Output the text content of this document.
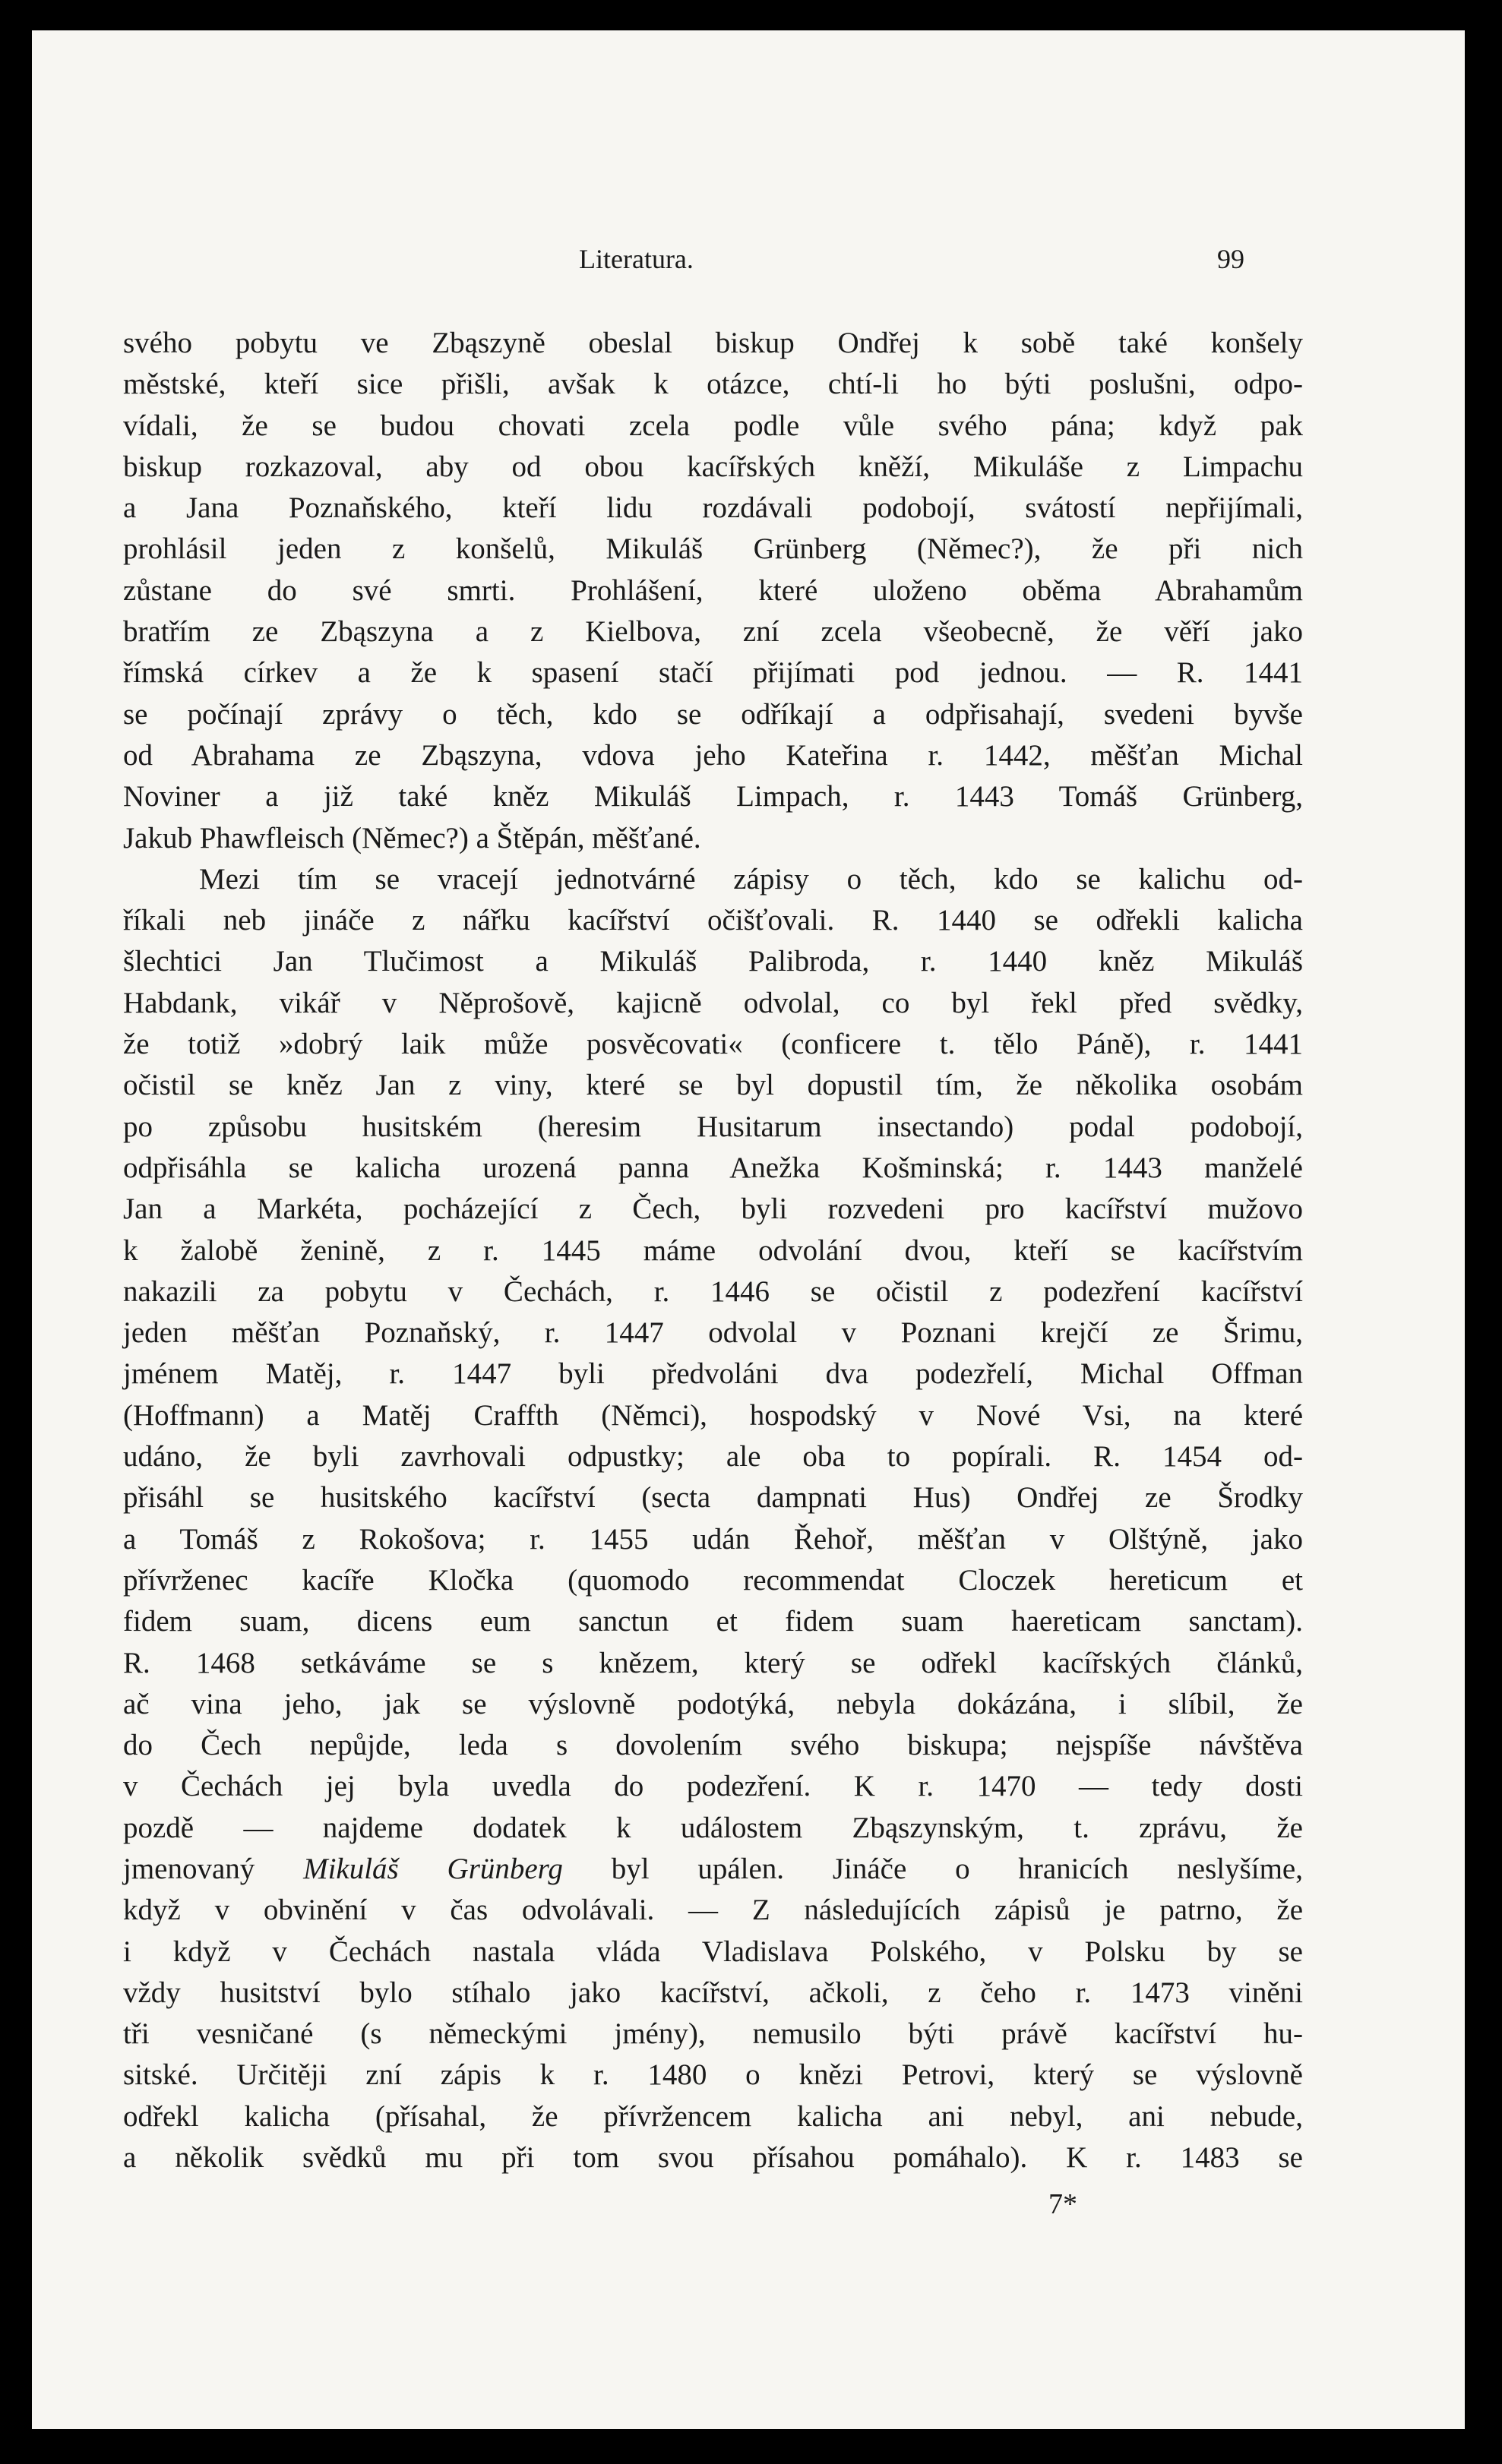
Literatura.	99
svého pobytu ve Zbąszyně obeslal biskup Ondřej k sobě také konšely
městské, kteří sice přišli, avšak k otázce, chtí-li ho býti poslušni, odpo-
vídali, že se budou chovati zcela podle vůle svého pána; když pak
biskup rozkazoval, aby od obou kacířských kněží, Mikuláše z Limpachu
a Jana Poznaňského, kteří lidu rozdávali podobojí, svátostí nepřijímali,
prohlásil jeden z konšelů, Mikuláš Grünberg (Němec?), že při nich
zůstane do své smrti. Prohlášení, které uloženo oběma Abrahamům
bratřím ze Zbąszyna a z Kielbova, zní zcela všeobecně, že věří jako
římská církev a že k spasení stačí přijímati pod jednou. — R. 1441
se počínají zprávy o těch, kdo se odříkají a odpřisahají, svedeni byvše
od Abrahama ze Zbąszyna, vdova jeho Kateřina r. 1442, měšťan Michal
Noviner a již také kněz Mikuláš Limpach, r. 1443 Tomáš Grünberg,
Jakub Phawfleisch (Němec?) a Štěpán, měšťané.
Mezi tím se vracejí jednotvárné zápisy o těch, kdo se kalichu od-
říkali neb jináče z nářku kacířství očišťovali. R. 1440 se odřekli kalicha
šlechtici Jan Tlučimost a Mikuláš Palibroda, r. 1440 kněz Mikuláš
Habdank, vikář v Něprošově, kajicně odvolal, co byl řekl před svědky,
že totiž »dobrý laik může posvěcovati« (conficere t. tělo Páně), r. 1441
očistil se kněz Jan z viny, které se byl dopustil tím, že několika osobám
po způsobu husitském (heresim Husitarum insectando) podal podobojí,
odpřisáhla se kalicha urozená panna Anežka Košminská; r. 1443 manželé
Jan a Markéta, pocházející z Čech, byli rozvedeni pro kacířství mužovo
k žalobě ženině, z r. 1445 máme odvolání dvou, kteří se kacířstvím
nakazili za pobytu v Čechách, r. 1446 se očistil z podezření kacířství
jeden měšťan Poznaňský, r. 1447 odvolal v Poznani krejčí ze Šrimu,
jménem Matěj, r. 1447 byli předvoláni dva podezřelí, Michal Offman
(Hoffmann) a Matěj Craffth (Němci), hospodský v Nové Vsi, na které
udáno, že byli zavrhovali odpustky; ale oba to popírali. R. 1454 od-
přisáhl se husitského kacířství (secta dampnati Hus) Ondřej ze Šrodky
a Tomáš z Rokošova; r. 1455 udán Řehoř, měšťan v Olštýně, jako
přívrženec kacíře Kločka (quomodo recommendat Cloczek hereticum et
fidem suam, dicens eum sanctun et fidem suam haereticam sanctam).
R. 1468 setkáváme se s knězem, který se odřekl kacířských článků,
ač vina jeho, jak se výslovně podotýká, nebyla dokázána, i slíbil, že
do Čech nepůjde, leda s dovolením svého biskupa; nejspíše návštěva
v Čechách jej byla uvedla do podezření. K r. 1470 — tedy dosti
pozdě — najdeme dodatek k událostem Zbąszynským, t. zprávu, že
jmenovaný Mikuláš Grünberg byl upálen. Jináče o hranicích neslyšíme,
když v obvinění v čas odvolávali. — Z následujících zápisů je patrno, že
i když v Čechách nastala vláda Vladislava Polského, v Polsku by se
vždy husitství bylo stíhalo jako kacířství, ačkoli, z čeho r. 1473 viněni
tři vesničané (s německými jmény), nemusilo býti právě kacířství hu-
sitské. Určitěji zní zápis k r. 1480 o knězi Petrovi, který se výslovně
odřekl kalicha (přísahal, že přívržencem kalicha ani nebyl, ani nebude,
a několik svědků mu při tom svou přísahou pomáhalo). K r. 1483 se
7*
